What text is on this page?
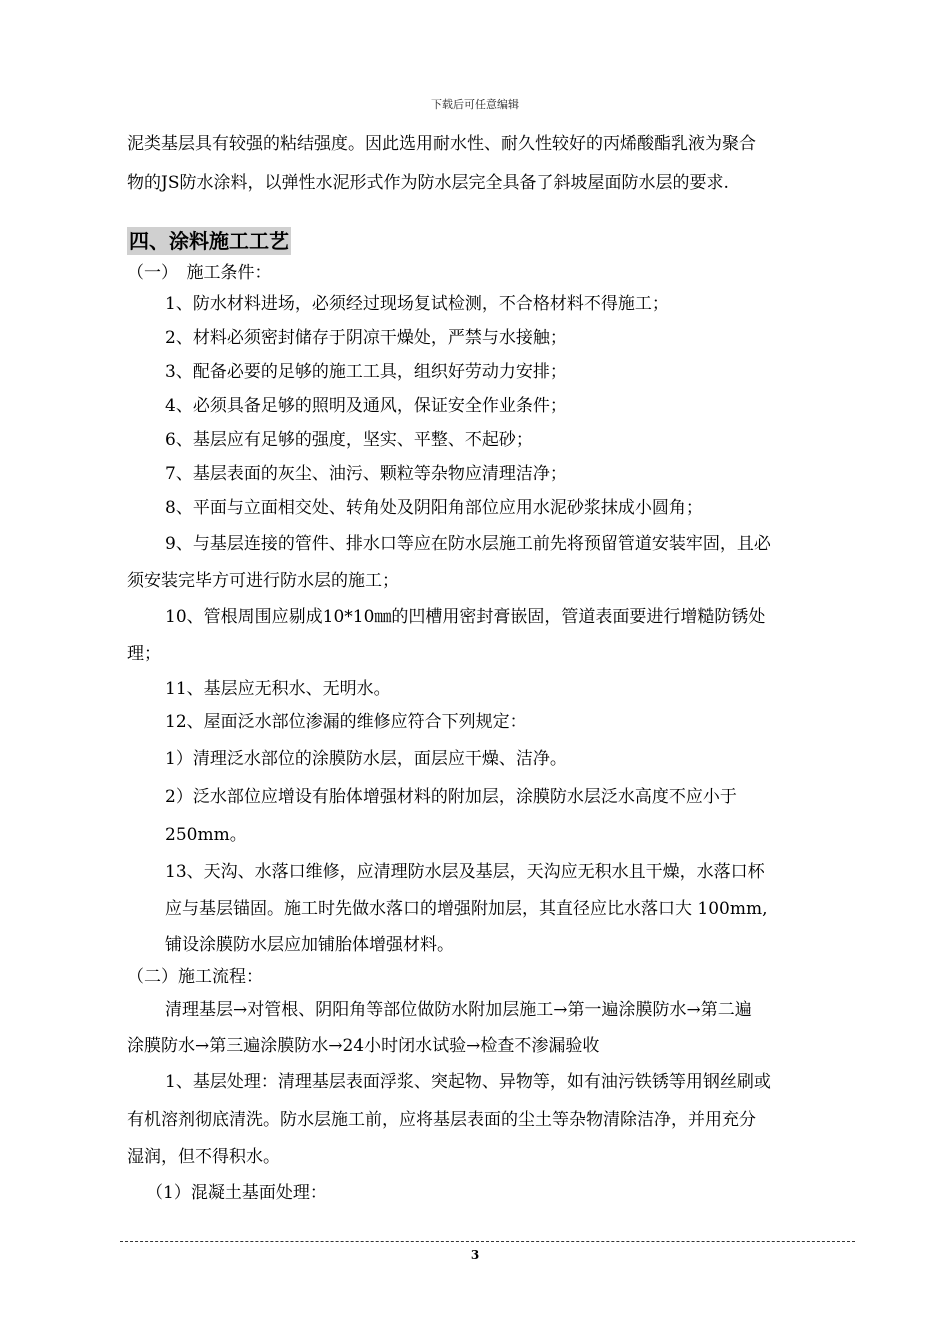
下载后可任意编辑
泥类基层具有较强的粘结强度。因此选用耐水性、耐久性较好的丙烯酸酯乳液为聚合
物的JS防水涂料，以弹性水泥形式作为防水层完全具备了斜坡屋面防水层的要求.
四、涂料施工工艺
（一）　施工条件：
1、防水材料进场，必须经过现场复试检测，不合格材料不得施工；
2、材料必须密封储存于阴凉干燥处，严禁与水接触；
3、配备必要的足够的施工工具，组织好劳动力安排；
4、必须具备足够的照明及通风，保证安全作业条件；
6、基层应有足够的强度，坚实、平整、不起砂；
7、基层表面的灰尘、油污、颗粒等杂物应清理洁净；
8、平面与立面相交处、转角处及阴阳角部位应用水泥砂浆抹成小圆角；
9、与基层连接的管件、排水口等应在防水层施工前先将预留管道安装牢固，且必
须安装完毕方可进行防水层的施工；
10、管根周围应剔成10*10㎜的凹槽用密封膏嵌固，管道表面要进行增糙防锈处
理；
11、基层应无积水、无明水。
12、屋面泛水部位渗漏的维修应符合下列规定：
1）清理泛水部位的涂膜防水层，面层应干燥、洁净。
2）泛水部位应增设有胎体增强材料的附加层，涂膜防水层泛水高度不应小于
250mm。
13、天沟、水落口维修，应清理防水层及基层，天沟应无积水且干燥，水落口杯
应与基层锚固。施工时先做水落口的增强附加层，其直径应比水落口大 100mm,
铺设涂膜防水层应加铺胎体增强材料。
（二）施工流程：
清理基层→对管根、阴阳角等部位做防水附加层施工→第一遍涂膜防水→第二遍
涂膜防水→第三遍涂膜防水→24小时闭水试验→检查不渗漏验收
1、基层处理：清理基层表面浮浆、突起物、异物等，如有油污铁锈等用钢丝刷或
有机溶剂彻底清洗。防水层施工前，应将基层表面的尘土等杂物清除洁净，并用充分
湿润，但不得积水。
（1）混凝土基面处理：
3
